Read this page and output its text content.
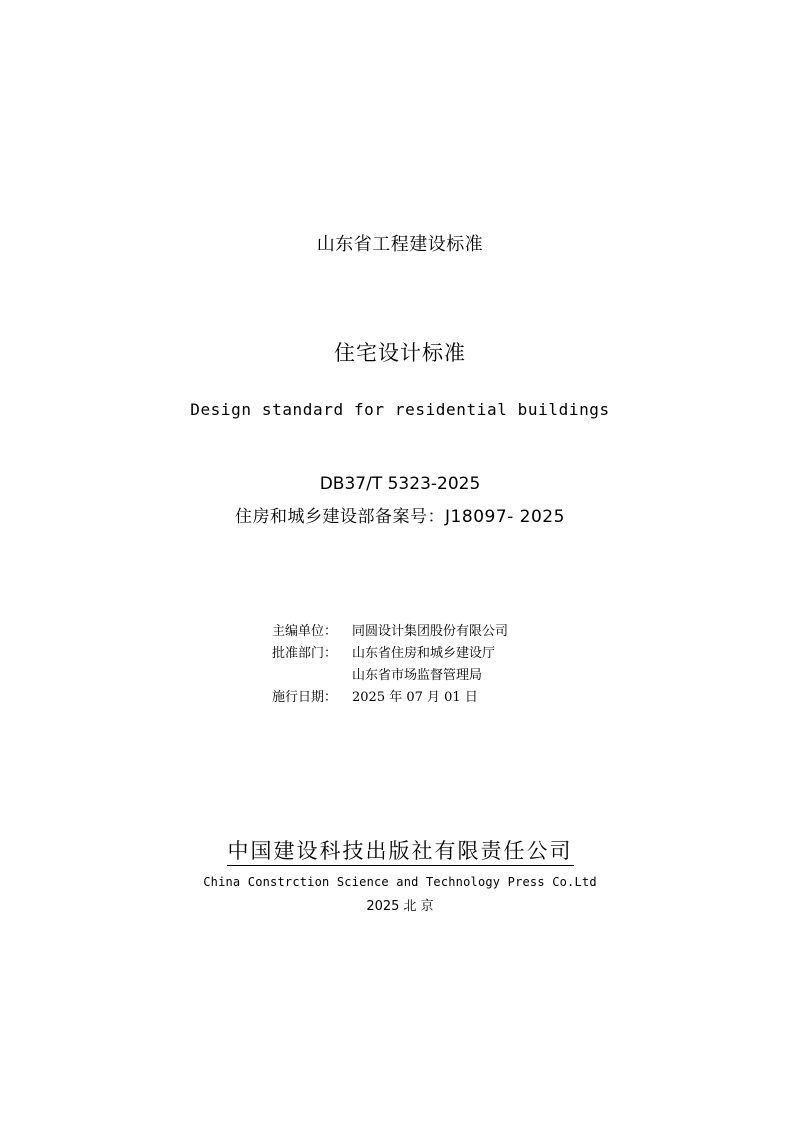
山东省工程建设标准
住宅设计标准
Design standard for residential buildings
DB37/T 5323-2025
住房和城乡建设部备案号：J18097- 2025
主编单位：	同圆设计集团股份有限公司
批准部门：	山东省住房和城乡建设厅
山东省市场监督管理局
施行日期：	2025 年 07 月 01 日
中国建设科技出版社有限责任公司
China Constrction Science and Technology Press Co.Ltd
2025 北 京
